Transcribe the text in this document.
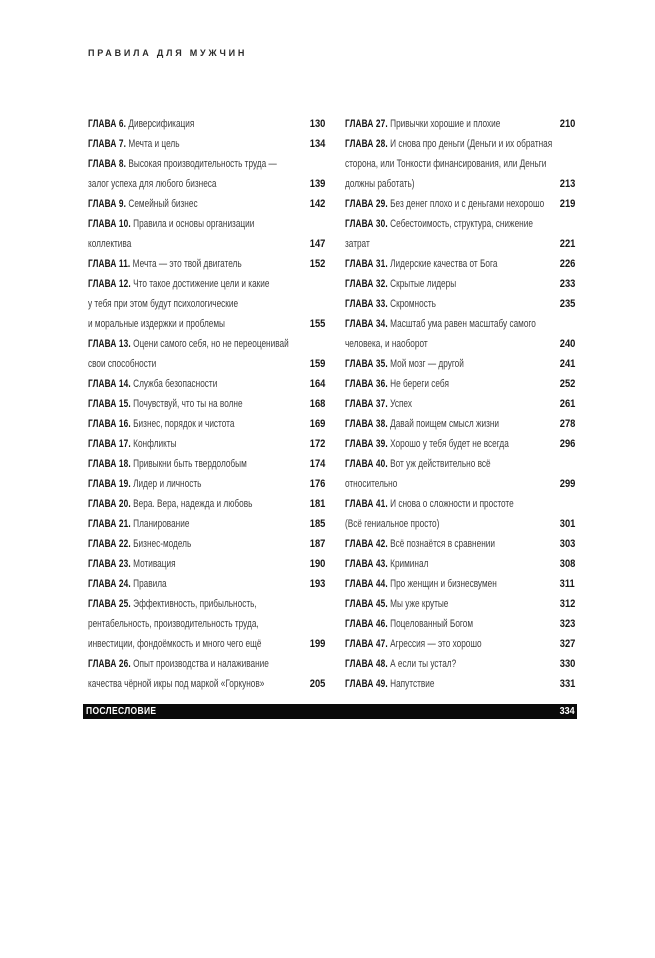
ПРАВИЛА ДЛЯ МУЖЧИН
ГЛАВА 6. Диверсификация	130
ГЛАВА 7. Мечта и цель	134
ГЛАВА 8. Высокая производительность труда —
залог успеха для любого бизнеса	139
ГЛАВА 9. Семейный бизнес	142
ГЛАВА 10. Правила и основы организации
коллектива	147
ГЛАВА 11. Мечта — это твой двигатель	152
ГЛАВА 12. Что такое достижение цели и какие
у тебя при этом будут психологические
и моральные издержки и проблемы	155
ГЛАВА 13. Оцени самого себя, но не переоценивай
свои способности	159
ГЛАВА 14. Служба безопасности	164
ГЛАВА 15. Почувствуй, что ты на волне	168
ГЛАВА 16. Бизнес, порядок и чистота	169
ГЛАВА 17. Конфликты	172
ГЛАВА 18. Привыкни быть твердолобым	174
ГЛАВА 19. Лидер и личность	176
ГЛАВА 20. Вера. Вера, надежда и любовь	181
ГЛАВА 21. Планирование	185
ГЛАВА 22. Бизнес-модель	187
ГЛАВА 23. Мотивация	190
ГЛАВА 24. Правила	193
ГЛАВА 25. Эффективность, прибыльность,
рентабельность, производительность труда,
инвестиции, фондоёмкость и много чего ещё	199
ГЛАВА 26. Опыт производства и налаживание
качества чёрной икры под маркой «Горкунов»	205
ГЛАВА 27. Привычки хорошие и плохие	210
ГЛАВА 28. И снова про деньги (Деньги и их обратная
сторона, или Тонкости финансирования, или Деньги
должны работать)	213
ГЛАВА 29. Без денег плохо и с деньгами нехорошо 219
ГЛАВА 30. Себестоимость, структура, снижение
затрат	221
ГЛАВА 31. Лидерские качества от Бога	226
ГЛАВА 32. Скрытые лидеры	233
ГЛАВА 33. Скромность	235
ГЛАВА 34. Масштаб ума равен масштабу самого
человека, и наоборот	240
ГЛАВА 35. Мой мозг — другой	241
ГЛАВА 36. Не береги себя	252
ГЛАВА 37. Успех	261
ГЛАВА 38. Давай поищем смысл жизни	278
ГЛАВА 39. Хорошо у тебя будет не всегда	296
ГЛАВА 40. Вот уж действительно всё
относительно	299
ГЛАВА 41. И снова о сложности и простоте
(Всё гениальное просто)	301
ГЛАВА 42. Всё познаётся в сравнении	303
ГЛАВА 43. Криминал	308
ГЛАВА 44. Про женщин и бизнесвумен	311
ГЛАВА 45. Мы уже крутые	312
ГЛАВА 46. Поцелованный Богом	323
ГЛАВА 47. Агрессия — это хорошо	327
ГЛАВА 48. А если ты устал?	330
ГЛАВА 49. Напутствие	331
ПОСЛЕСЛОВИЕ	334
